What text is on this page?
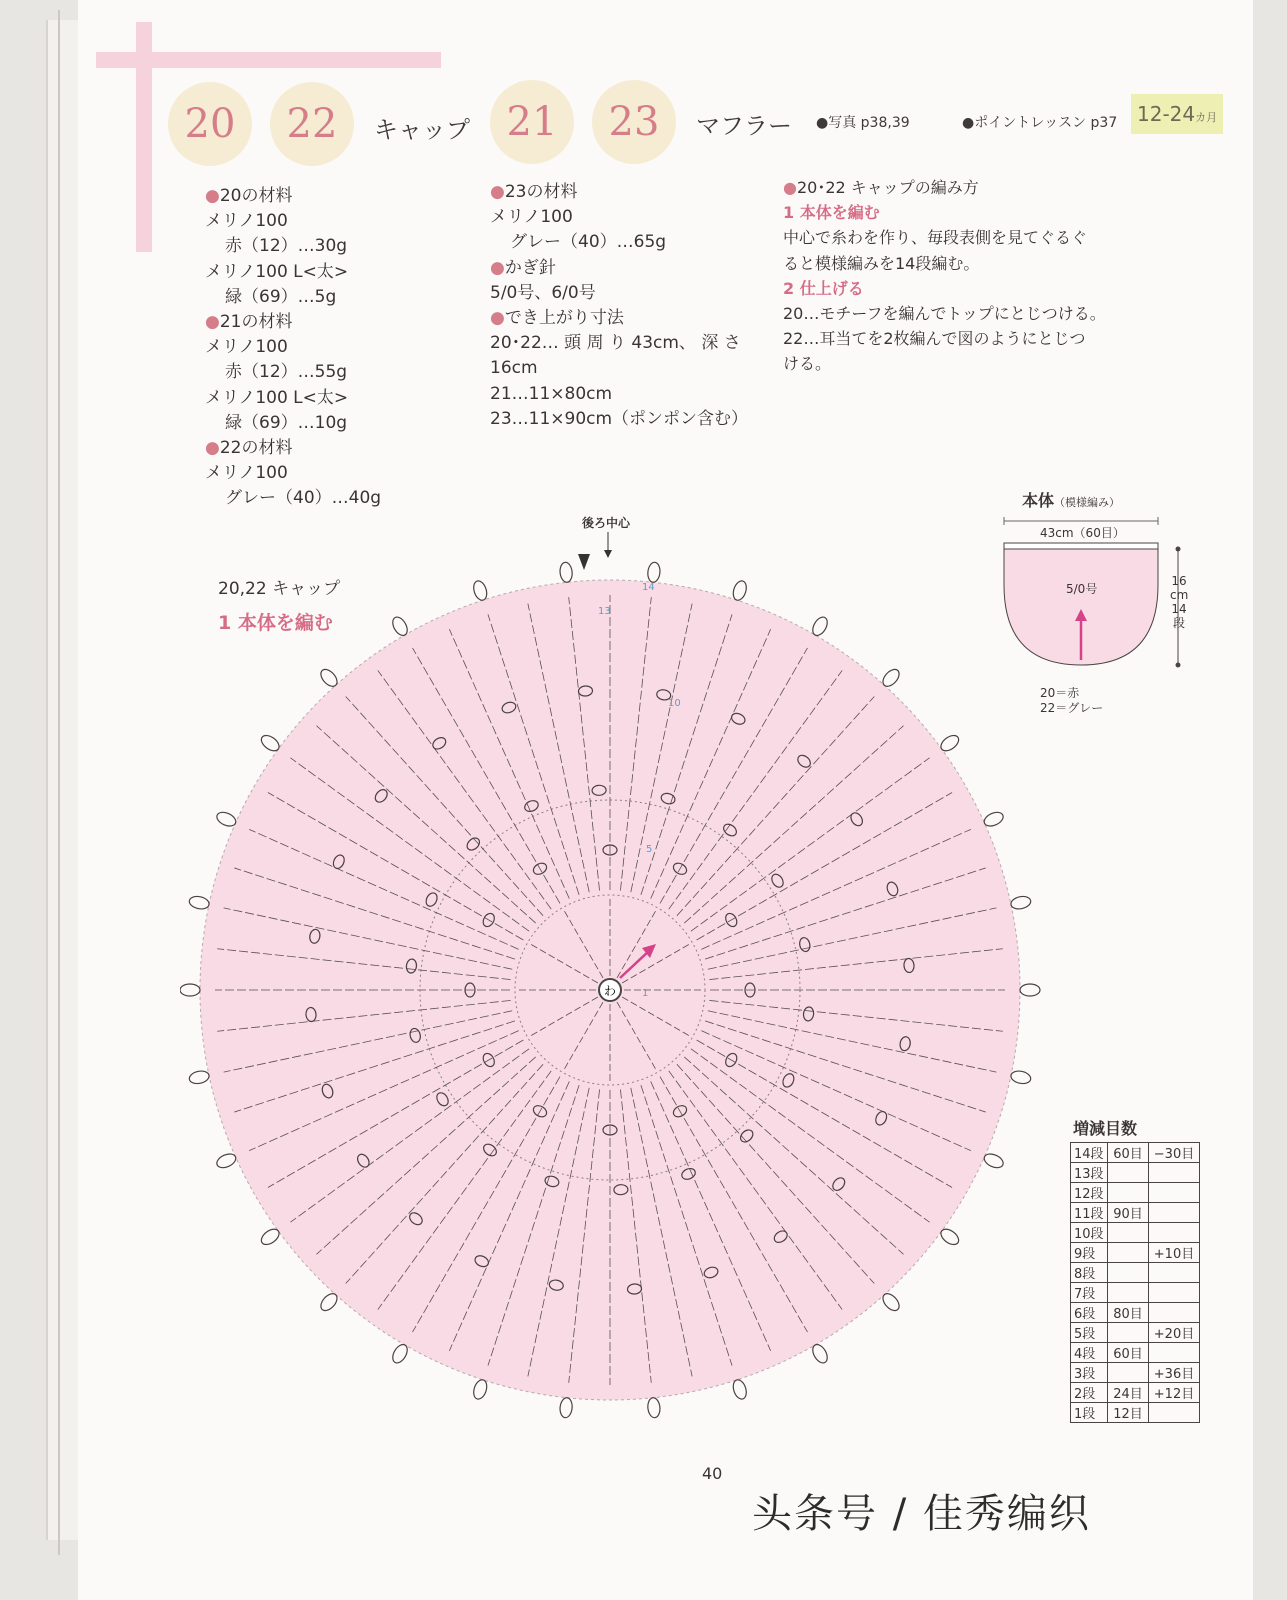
20	22	キャップ 21	23	マフラー ●写真 p38,39	●ポイントレッスン p37 12-24カ月
●20の材料
メリノ100
赤（12）…30g
メリノ100 L<太>
緑（69）…5g
●21の材料
メリノ100
赤（12）…55g
メリノ100 L<太>
緑（69）…10g
●22の材料
メリノ100
グレー（40）…40g
●23の材料
メリノ100
グレー（40）…65g
●かぎ針
5/0号、6/0号
●でき上がり寸法
20･22… 頭 周 り 43cm、 深 さ
16cm
21…11×80cm
23…11×90cm（ポンポン含む）
●20･22 キャップの編み方
1 本体を編む
中心で糸わを作り、毎段表側を見てぐるぐ
ると模様編みを14段編む。
2 仕上げる
20…モチーフを編んでトップにとじつける。
22…耳当てを2枚編んで図のようにとじつ
ける。
本体（模様編み）
43cm（60目）
5/0号
16
cm
14
段
20＝赤
22＝グレー
後ろ中心
20,22 キャップ
1 本体を編む
わ	1
5
10
13
14
増減目数
14段	60目	−30目
13段		
12段		
11段	90目	
10段		
9段		+10目
8段		
7段		
6段	80目	
5段		+20目
4段	60目	
3段		+36目
2段	24目	+12目
1段	12目	
40
头条号 / 佳秀编织
